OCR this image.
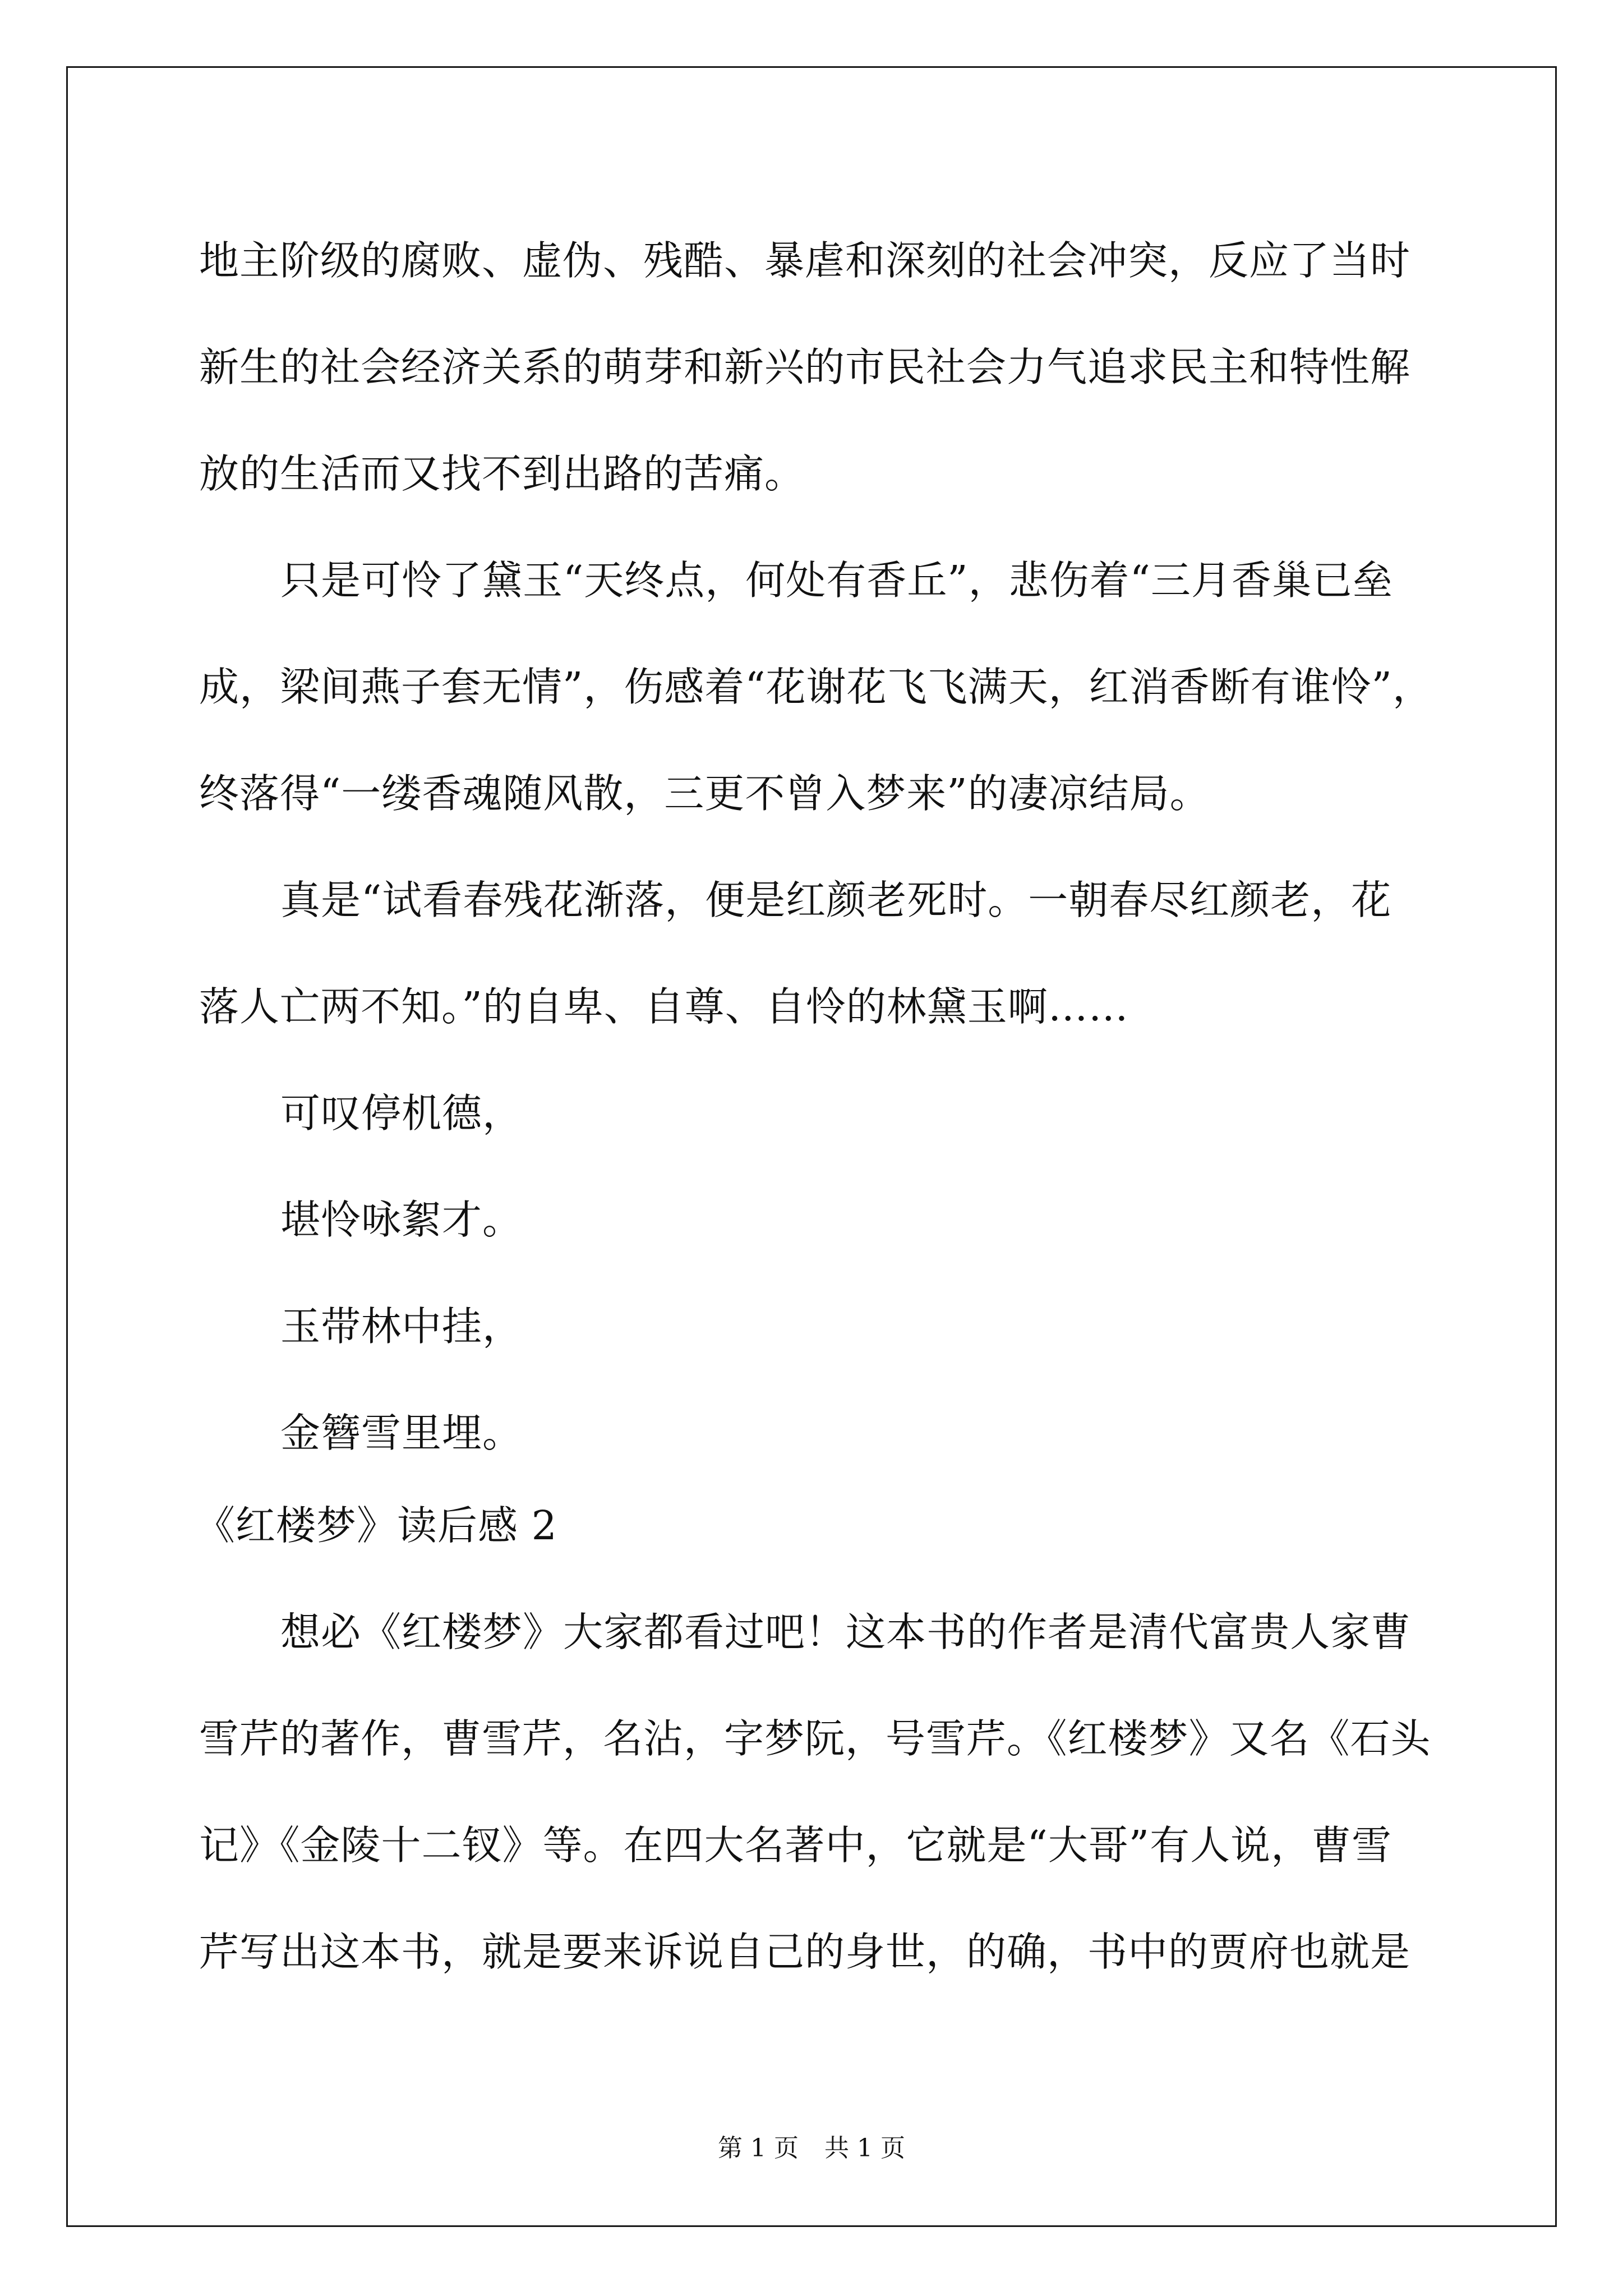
地主阶级的腐败、虚伪、残酷、暴虐和深刻的社会冲突，反应了当时
新生的社会经济关系的萌芽和新兴的市民社会力气追求民主和特性解
放的生活而又找不到出路的苦痛。
只是可怜了黛玉“天终点，何处有香丘”，悲伤着“三月香巢已垒
成，梁间燕子套无情”，伤感着“花谢花飞飞满天，红消香断有谁怜”，
终落得“一缕香魂随风散，三更不曾入梦来”的凄凉结局。
真是“试看春残花渐落，便是红颜老死时。一朝春尽红颜老，花
落人亡两不知。”的自卑、自尊、自怜的林黛玉啊……
可叹停机德，
堪怜咏絮才。
玉带林中挂，
金簪雪里埋。
《红楼梦》读后感 2
想必《红楼梦》大家都看过吧！这本书的作者是清代富贵人家曹
雪芹的著作，曹雪芹，名沾，字梦阮，号雪芹。《红楼梦》又名《石头
记》《金陵十二钗》等。在四大名著中，它就是“大哥”有人说，曹雪
芹写出这本书，就是要来诉说自己的身世，的确，书中的贾府也就是
第 1 页 共 1 页
